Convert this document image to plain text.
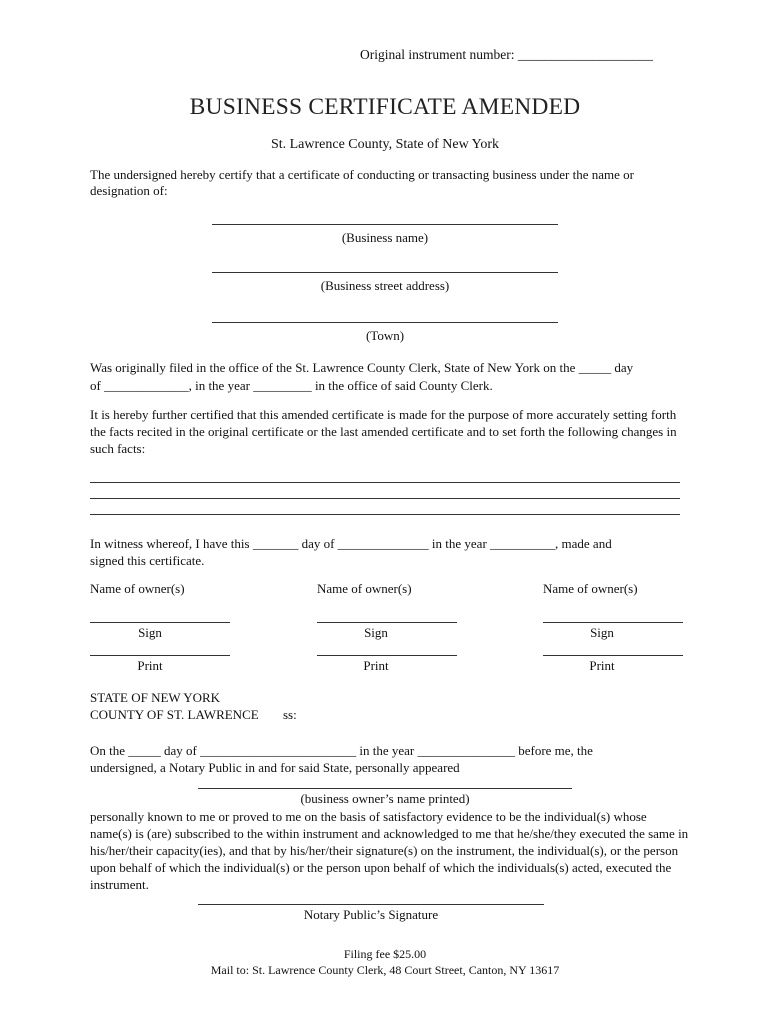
Original instrument number: ____________________
BUSINESS CERTIFICATE AMENDED
St. Lawrence County, State of New York
The undersigned hereby certify that a certificate of conducting or transacting business under the name or designation of:
(Business name)
(Business street address)
(Town)
Was originally filed in the office of the St. Lawrence County Clerk, State of New York on the _____ day
of _____________, in the year _________ in the office of said County Clerk.
It is hereby further certified that this amended certificate is made for the purpose of more accurately setting forth the facts recited in the original certificate or the last amended certificate and to set forth the following changes in such facts:
In witness whereof, I have this _______ day of ______________ in the year __________, made and
signed this certificate.
Name of owner(s)
Sign
Print
Name of owner(s)
Sign
Print
Name of owner(s)
Sign
Print
STATE OF NEW YORK
COUNTY OF ST. LAWRENCE ss:
On the _____ day of ________________________ in the year _______________ before me, the
undersigned, a Notary Public in and for said State, personally appeared
(business owner’s name printed)
personally known to me or proved to me on the basis of satisfactory evidence to be the individual(s) whose name(s) is (are) subscribed to the within instrument and acknowledged to me that he/she/they executed the same in his/her/their capacity(ies), and that by his/her/their signature(s) on the instrument, the individual(s), or the person upon behalf of which the individual(s) or the person upon behalf of which the individuals(s) acted, executed the instrument.
Notary Public’s Signature
Filing fee $25.00
Mail to: St. Lawrence County Clerk, 48 Court Street, Canton, NY 13617
